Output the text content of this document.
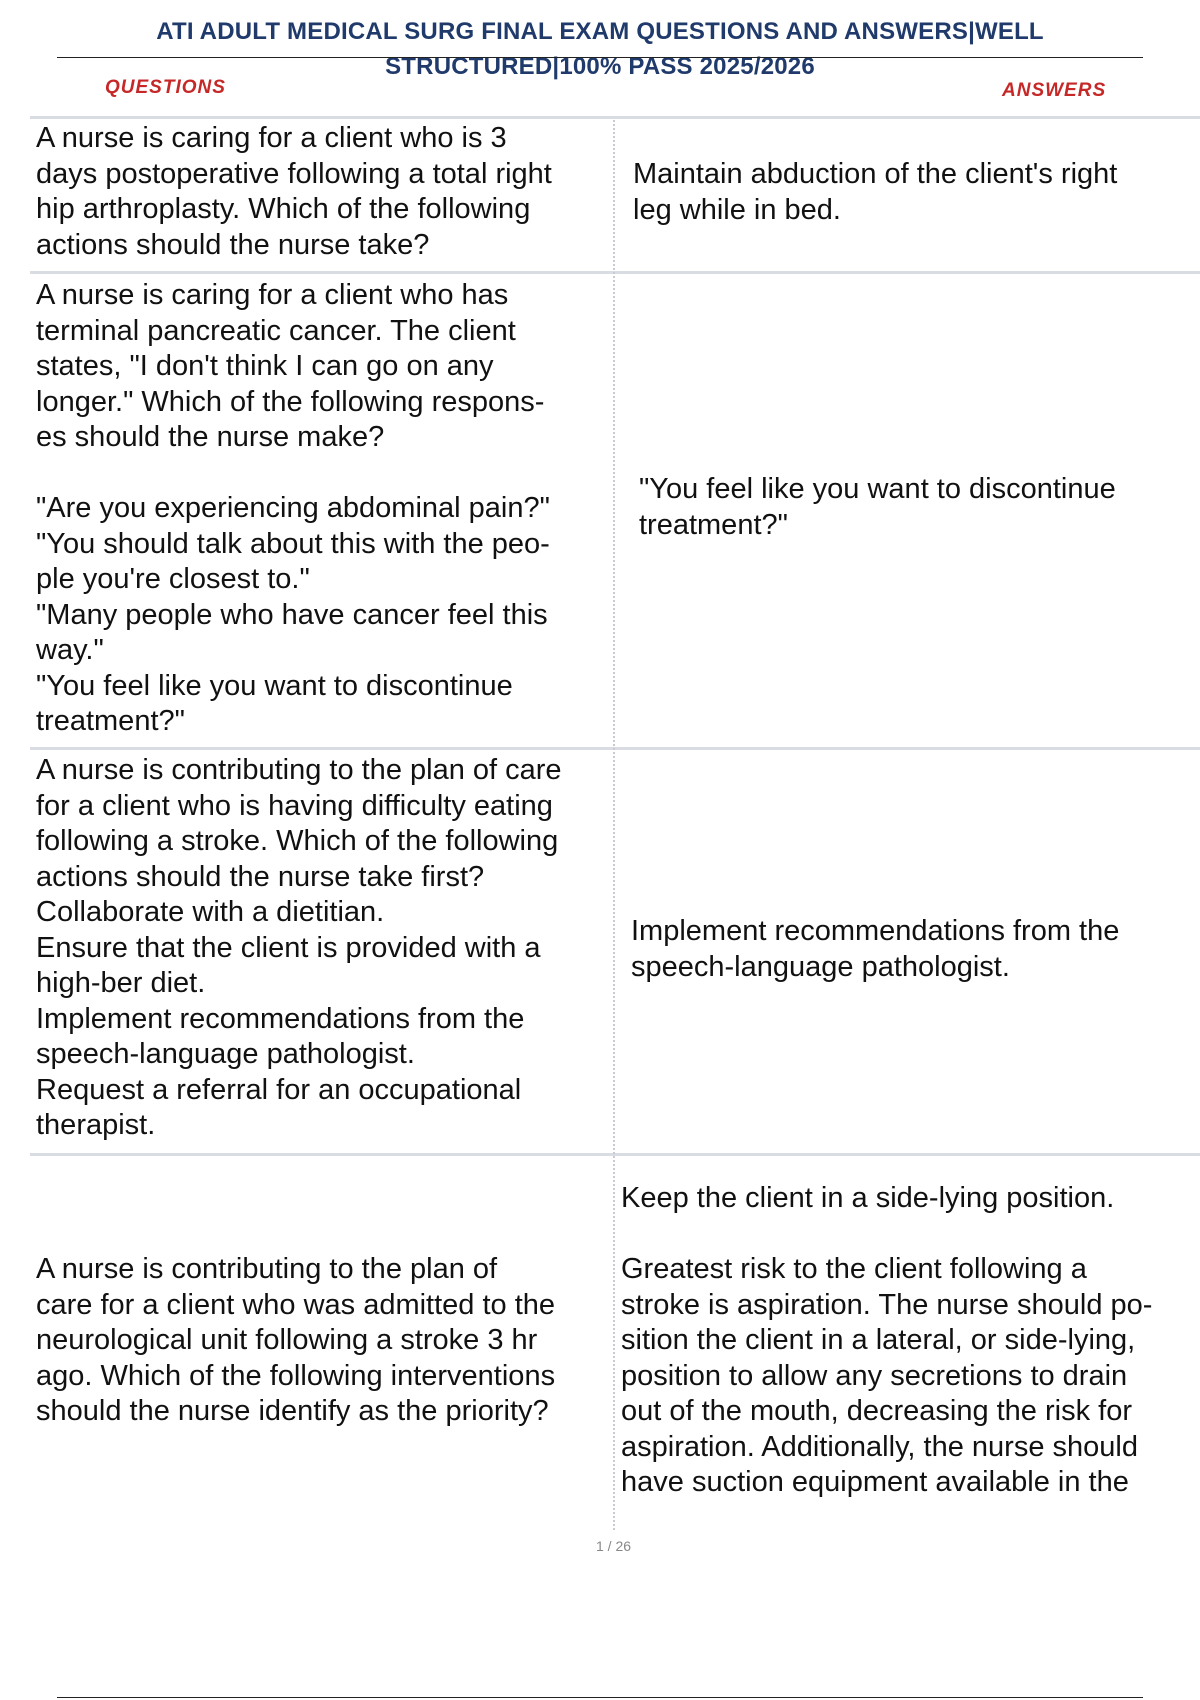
ATI ADULT MEDICAL SURG FINAL EXAM QUESTIONS AND ANSWERS|WELL
STRUCTURED|100% PASS 2025/2026
QUESTIONS	ANSWERS
A nurse is caring for a client who is 3
days postoperative following a total right
hip arthroplasty. Which of the following
actions should the nurse take?
Maintain abduction of the client's right
leg while in bed.
A nurse is caring for a client who has
terminal pancreatic cancer. The client
states, "I don't think I can go on any
longer." Which of the following respons-
es should the nurse make?

"Are you experiencing abdominal pain?"
"You should talk about this with the peo-
ple you're closest to."
"Many people who have cancer feel this
way."
"You feel like you want to discontinue
treatment?"
"You feel like you want to discontinue
treatment?"
A nurse is contributing to the plan of care
for a client who is having difficulty eating
following a stroke. Which of the following
actions should the nurse take first?
Collaborate with a dietitian.
Ensure that the client is provided with a
high-ber diet.
Implement recommendations from the
speech-language pathologist.
Request a referral for an occupational
therapist.
Implement recommendations from the
speech-language pathologist.
A nurse is contributing to the plan of
care for a client who was admitted to the
neurological unit following a stroke 3 hr
ago. Which of the following interventions
should the nurse identify as the priority?
Keep the client in a side-lying position.

Greatest risk to the client following a
stroke is aspiration. The nurse should po-
sition the client in a lateral, or side-lying,
position to allow any secretions to drain
out of the mouth, decreasing the risk for
aspiration. Additionally, the nurse should
have suction equipment available in the
1 / 26
